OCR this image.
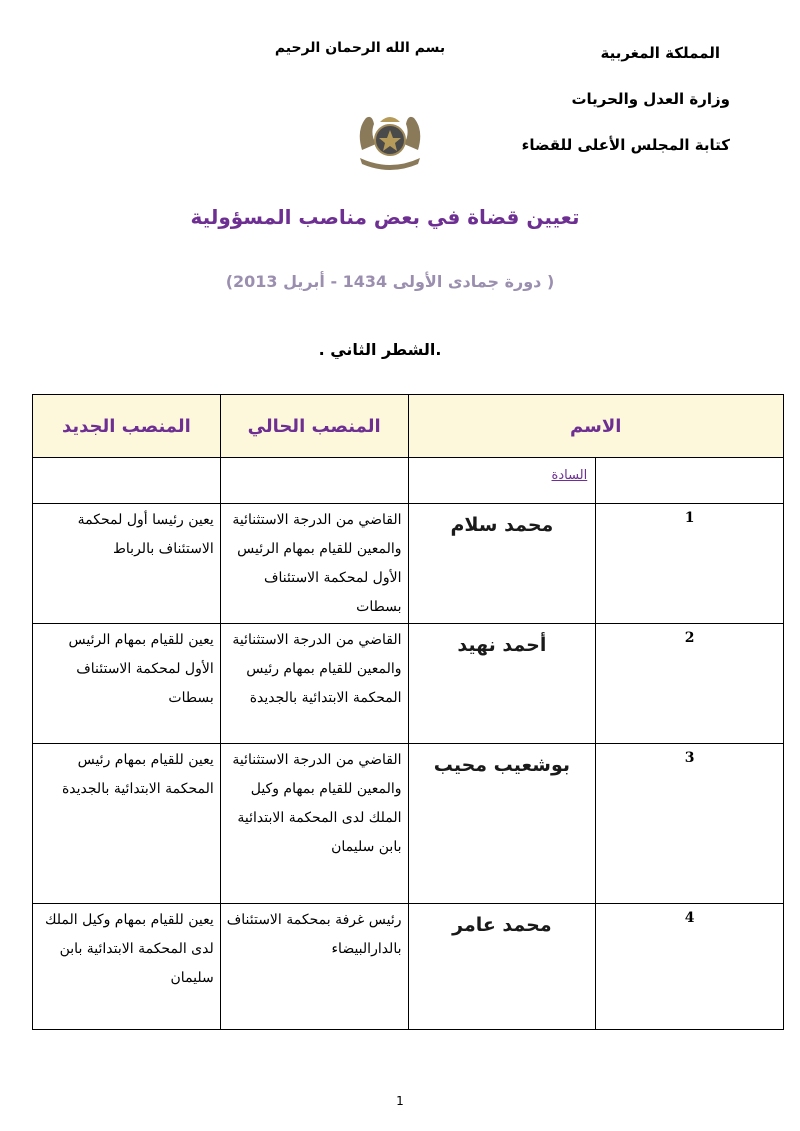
المملكة المغربية
وزارة العدل والحريات
كتابة المجلس الأعلى للقضاء
بسم الله الرحمان الرحيم
تعيين قضاة في بعض مناصب المسؤولية
( دورة جمادى الأولى 1434 - أبريل 2013)
.الشطر الثاني .
الاسم		المنصب الحالي	المنصب الجديد
	السادة		
1	محمد سلام	القاضي من الدرجة الاستثنائية والمعين للقيام بمهام الرئيس الأول لمحكمة الاستئناف بسطات	يعين رئيسا أول لمحكمة الاستئناف بالرباط
2	أحمد نهيد	القاضي من الدرجة الاستثنائية والمعين للقيام بمهام رئيس المحكمة الابتدائية بالجديدة	يعين للقيام بمهام الرئيس الأول لمحكمة الاستئناف بسطات
3	بوشعيب محيب	القاضي من الدرجة الاستثنائية والمعين للقيام بمهام وكيل الملك لدى المحكمة الابتدائية بابن سليمان	يعين للقيام بمهام رئيس المحكمة الابتدائية بالجديدة
4	محمد عامر	رئيس غرفة بمحكمة الاستئناف بالدارالبيضاء	يعين للقيام بمهام وكيل الملك لدى المحكمة الابتدائية بابن سليمان
1
